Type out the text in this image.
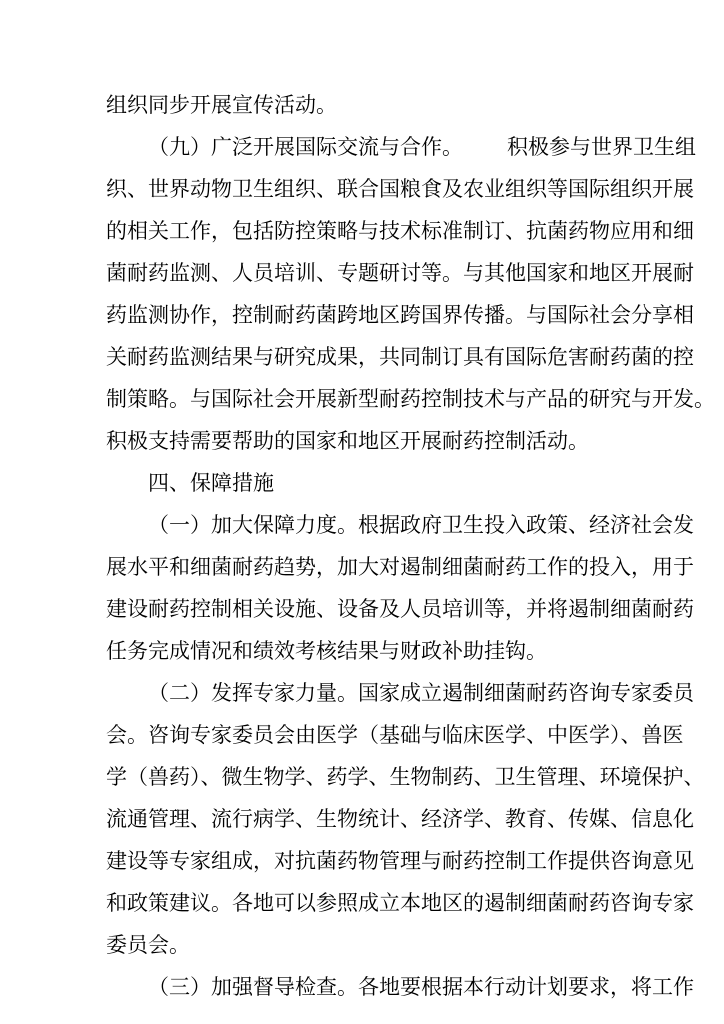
组织同步开展宣传活动。
（九）广泛开展国际交流与合作。 积极参与世界卫生组
织、世界动物卫生组织、联合国粮食及农业组织等国际组织开展
的相关工作，包括防控策略与技术标准制订、抗菌药物应用和细
菌耐药监测、人员培训、专题研讨等。与其他国家和地区开展耐
药监测协作，控制耐药菌跨地区跨国界传播。与国际社会分享相
关耐药监测结果与研究成果，共同制订具有国际危害耐药菌的控
制策略。与国际社会开展新型耐药控制技术与产品的研究与开发。
积极支持需要帮助的国家和地区开展耐药控制活动。
四、保障措施
（一）加大保障力度。根据政府卫生投入政策、经济社会发
展水平和细菌耐药趋势，加大对遏制细菌耐药工作的投入，用于
建设耐药控制相关设施、设备及人员培训等，并将遏制细菌耐药
任务完成情况和绩效考核结果与财政补助挂钩。
（二）发挥专家力量。国家成立遏制细菌耐药咨询专家委员
会。咨询专家委员会由医学（基础与临床医学、中医学）、兽医
学（兽药）、微生物学、药学、生物制药、卫生管理、环境保护、
流通管理、流行病学、生物统计、经济学、教育、传媒、信息化
建设等专家组成，对抗菌药物管理与耐药控制工作提供咨询意见
和政策建议。各地可以参照成立本地区的遏制细菌耐药咨询专家
委员会。
（三）加强督导检查。各地要根据本行动计划要求，将工作
